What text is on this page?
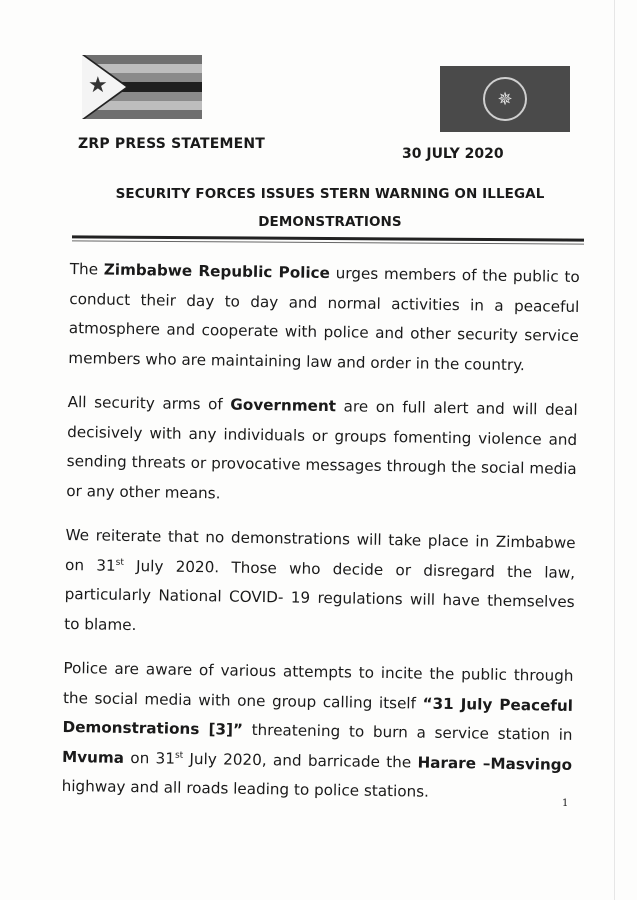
★
✵
ZRP PRESS STATEMENT
30 JULY 2020
SECURITY FORCES ISSUES STERN WARNING ON ILLEGAL
DEMONSTRATIONS

The Zimbabwe Republic Police urges members of the public to conduct their day to day and normal activities in a peaceful atmosphere and cooperate with police and other security service members who are maintaining law and order in the country.

All security arms of Government are on full alert and will deal decisively with any individuals or groups fomenting violence and sending threats or provocative messages through the social media or any other means.

We reiterate that no demonstrations will take place in Zimbabwe on 31st July 2020. Those who decide or disregard the law, particularly National COVID- 19 regulations will have themselves to blame.

Police are aware of various attempts to incite the public through the social media with one group calling itself “31 July Peaceful Demonstrations [3]” threatening to burn a service station in Mvuma on 31st July 2020, and barricade the Harare –Masvingo highway and all roads leading to police stations.

1
